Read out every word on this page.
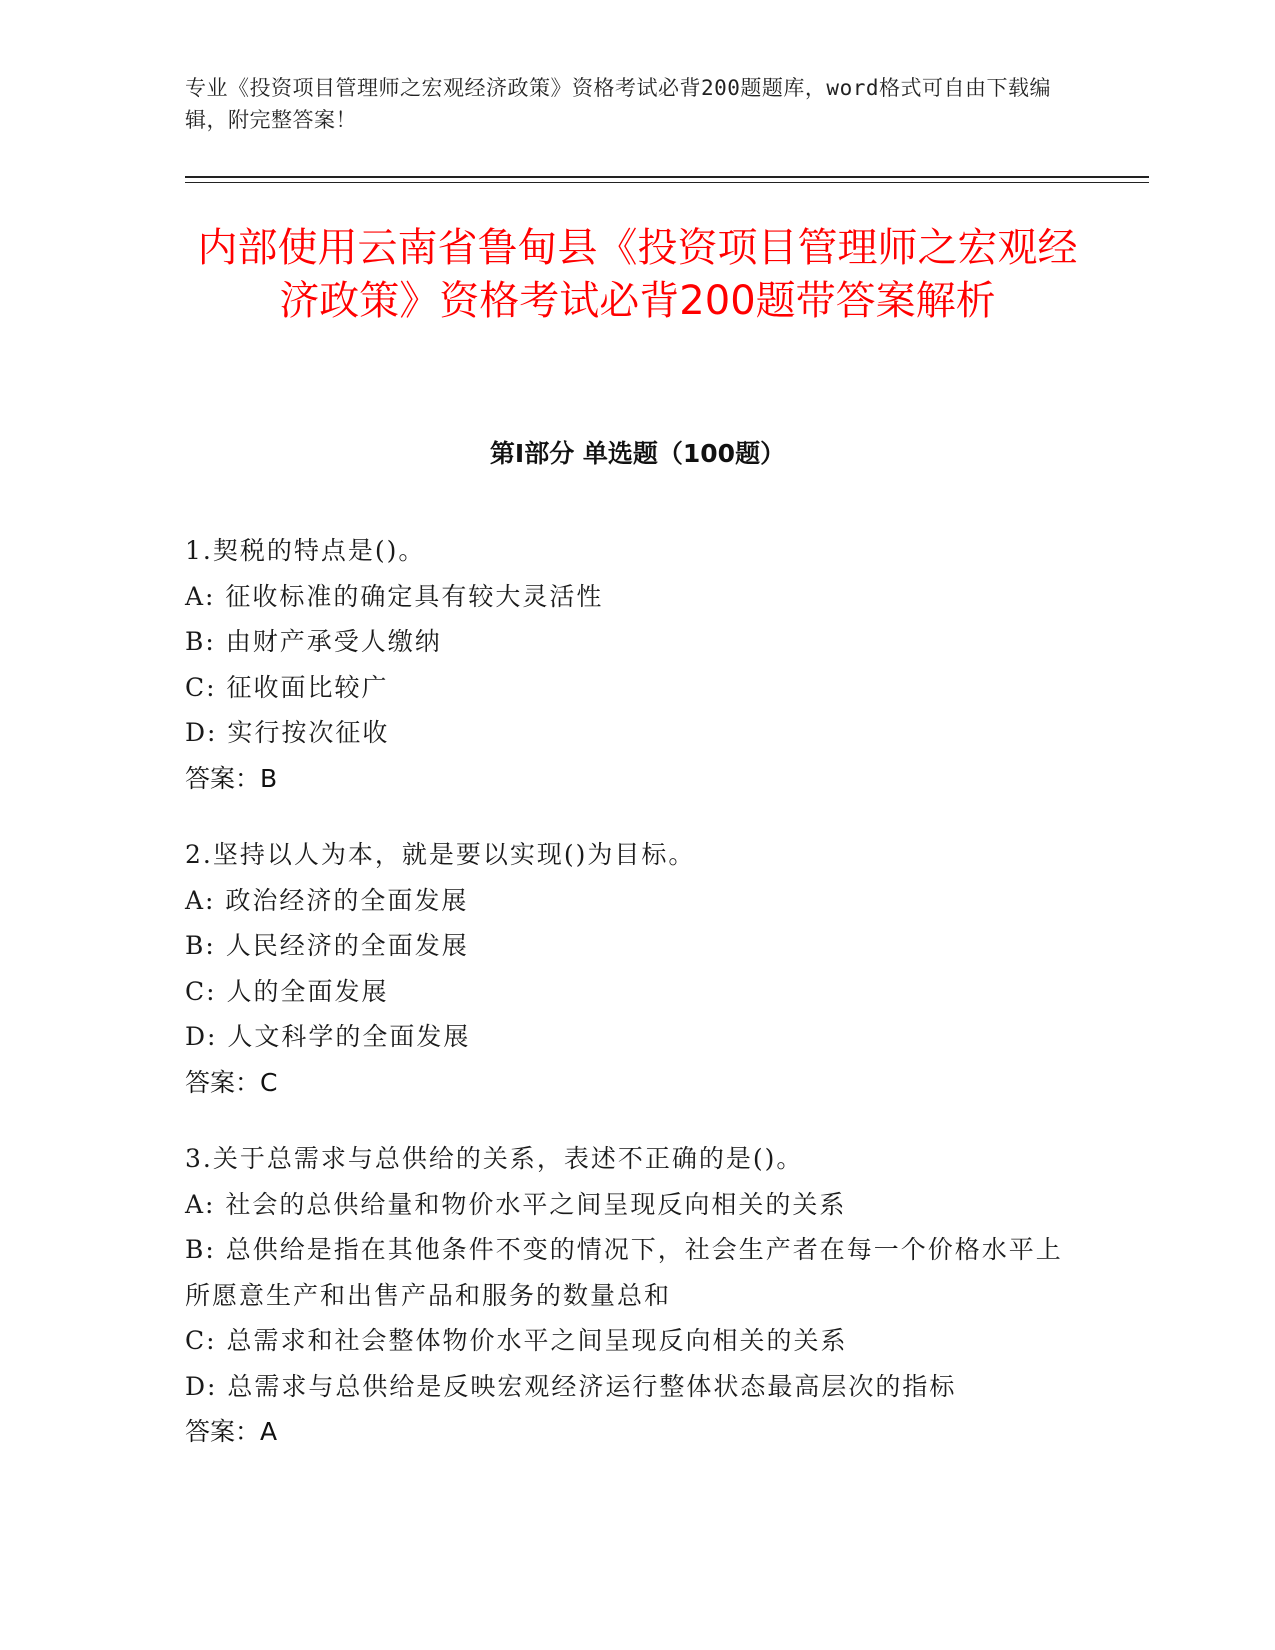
专业《投资项目管理师之宏观经济政策》资格考试必背200题题库，word格式可自由下载编辑，附完整答案！
内部使用云南省鲁甸县《投资项目管理师之宏观经济政策》资格考试必背200题带答案解析
第Ⅰ部分 单选题（100题）

1.契税的特点是()。

A: 征收标准的确定具有较大灵活性

B: 由财产承受人缴纳

C: 征收面比较广

D: 实行按次征收

答案：B

2.坚持以人为本，就是要以实现()为目标。

A: 政治经济的全面发展

B: 人民经济的全面发展

C: 人的全面发展

D: 人文科学的全面发展

答案：C

3.关于总需求与总供给的关系，表述不正确的是()。

A: 社会的总供给量和物价水平之间呈现反向相关的关系

B: 总供给是指在其他条件不变的情况下，社会生产者在每一个价格水平上所愿意生产和出售产品和服务的数量总和

C: 总需求和社会整体物价水平之间呈现反向相关的关系

D: 总需求与总供给是反映宏观经济运行整体状态最高层次的指标

答案：A
